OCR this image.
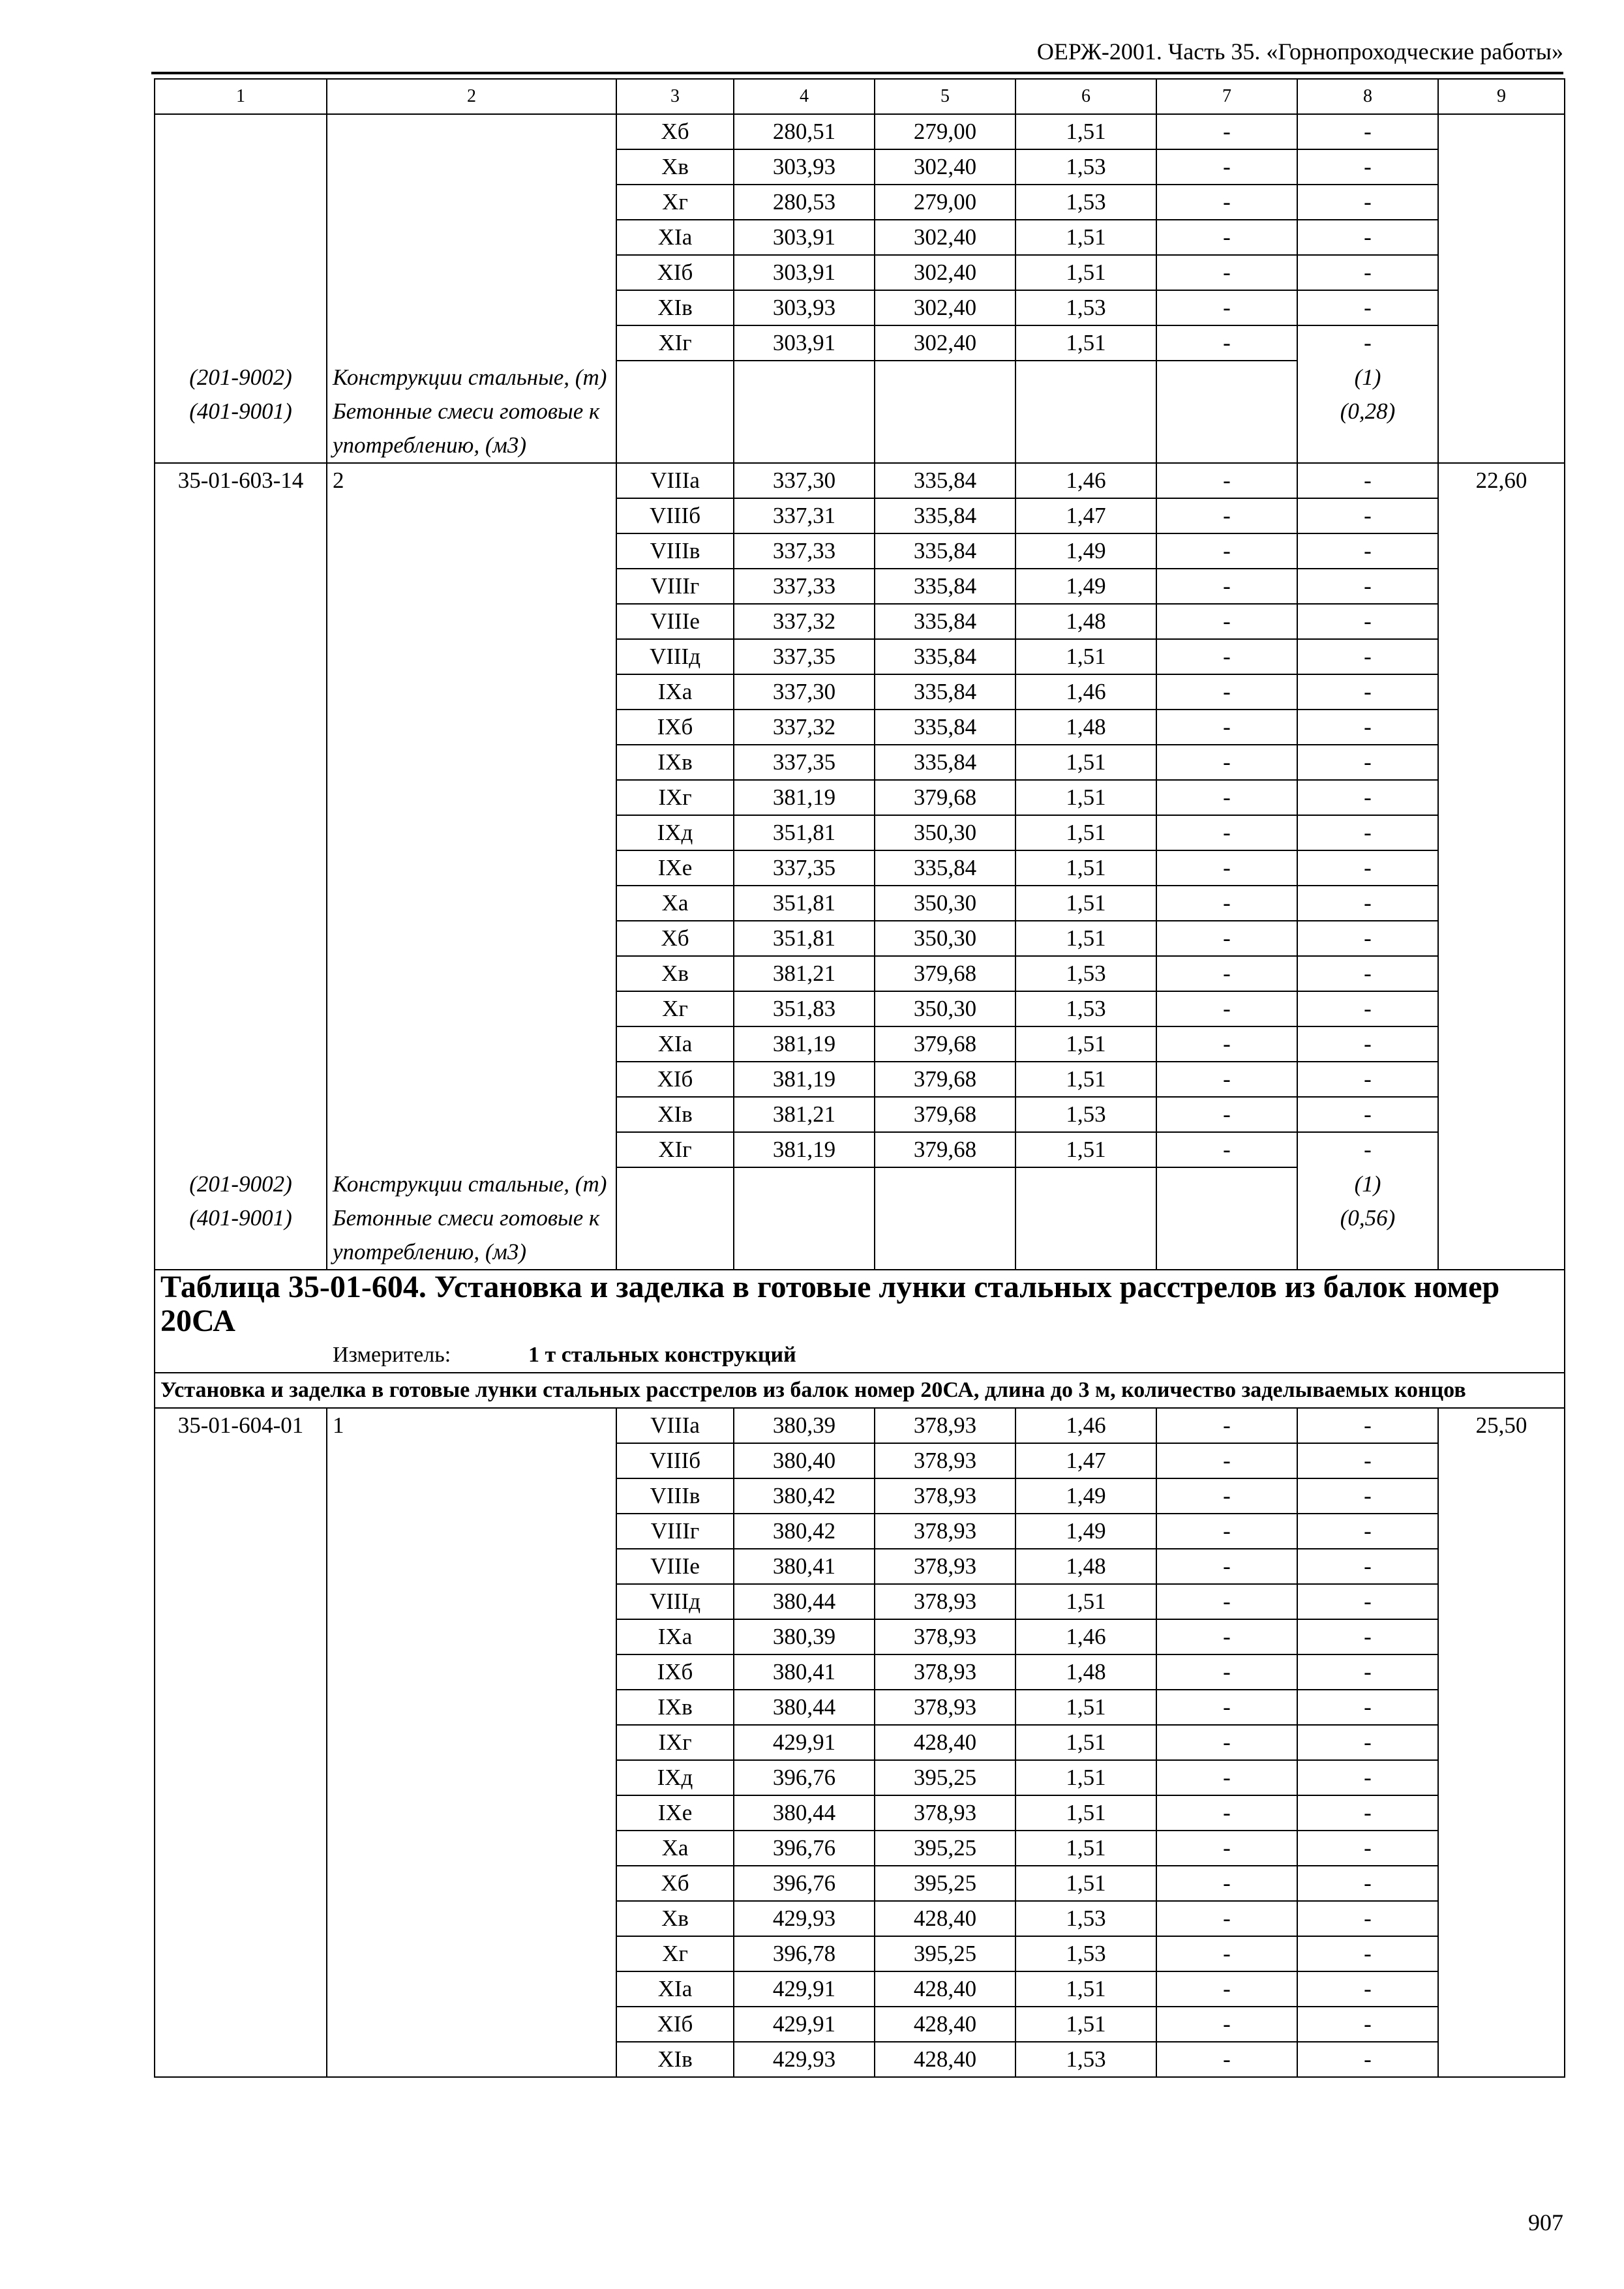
ОЕРЖ-2001. Часть 35. «Горнопроходческие работы»
1	2	3	4	5	6	7	8	9
		Хб	280,51	279,00	1,51	-	-	
		Хв	303,93	302,40	1,53	-	-	
		Хг	280,53	279,00	1,53	-	-	
		ХIа	303,91	302,40	1,51	-	-	
		ХIб	303,91	302,40	1,51	-	-	
		ХIв	303,93	302,40	1,53	-	-	
		ХIг	303,91	302,40	1,51	-	-	
(201-9002)	Конструкции стальные, (т)						(1)	
(401-9001)	Бетонные смеси готовые к употреблению, (м3)						(0,28)	
35-01-603-14	2	VIIIа	337,30	335,84	1,46	-	-	22,60
		VIIIб	337,31	335,84	1,47	-	-	
		VIIIв	337,33	335,84	1,49	-	-	
		VIIIг	337,33	335,84	1,49	-	-	
		VIIIе	337,32	335,84	1,48	-	-	
		VIIIд	337,35	335,84	1,51	-	-	
		IХа	337,30	335,84	1,46	-	-	
		IХб	337,32	335,84	1,48	-	-	
		IХв	337,35	335,84	1,51	-	-	
		IХг	381,19	379,68	1,51	-	-	
		IХд	351,81	350,30	1,51	-	-	
		IХе	337,35	335,84	1,51	-	-	
		Ха	351,81	350,30	1,51	-	-	
		Хб	351,81	350,30	1,51	-	-	
		Хв	381,21	379,68	1,53	-	-	
		Хг	351,83	350,30	1,53	-	-	
		ХIа	381,19	379,68	1,51	-	-	
		ХIб	381,19	379,68	1,51	-	-	
		ХIв	381,21	379,68	1,53	-	-	
		ХIг	381,19	379,68	1,51	-	-	
(201-9002)	Конструкции стальные, (т)						(1)	
(401-9001)	Бетонные смеси готовые к употреблению, (м3)						(0,56)	
Таблица 35-01-604. Установка и заделка в готовые лунки стальных расстрелов из балок номер 20СА								
Измеритель: 1 т стальных конструкций								
Установка и заделка в готовые лунки стальных расстрелов из балок номер 20СА, длина до 3 м, количество заделываемых концов								
35-01-604-01	1	VIIIа	380,39	378,93	1,46	-	-	25,50
		VIIIб	380,40	378,93	1,47	-	-	
		VIIIв	380,42	378,93	1,49	-	-	
		VIIIг	380,42	378,93	1,49	-	-	
		VIIIе	380,41	378,93	1,48	-	-	
		VIIIд	380,44	378,93	1,51	-	-	
		IХа	380,39	378,93	1,46	-	-	
		IХб	380,41	378,93	1,48	-	-	
		IХв	380,44	378,93	1,51	-	-	
		IХг	429,91	428,40	1,51	-	-	
		IХд	396,76	395,25	1,51	-	-	
		IХе	380,44	378,93	1,51	-	-	
		Ха	396,76	395,25	1,51	-	-	
		Хб	396,76	395,25	1,51	-	-	
		Хв	429,93	428,40	1,53	-	-	
		Хг	396,78	395,25	1,53	-	-	
		ХIа	429,91	428,40	1,51	-	-	
		ХIб	429,91	428,40	1,51	-	-	
		ХIв	429,93	428,40	1,53	-	-	
907
